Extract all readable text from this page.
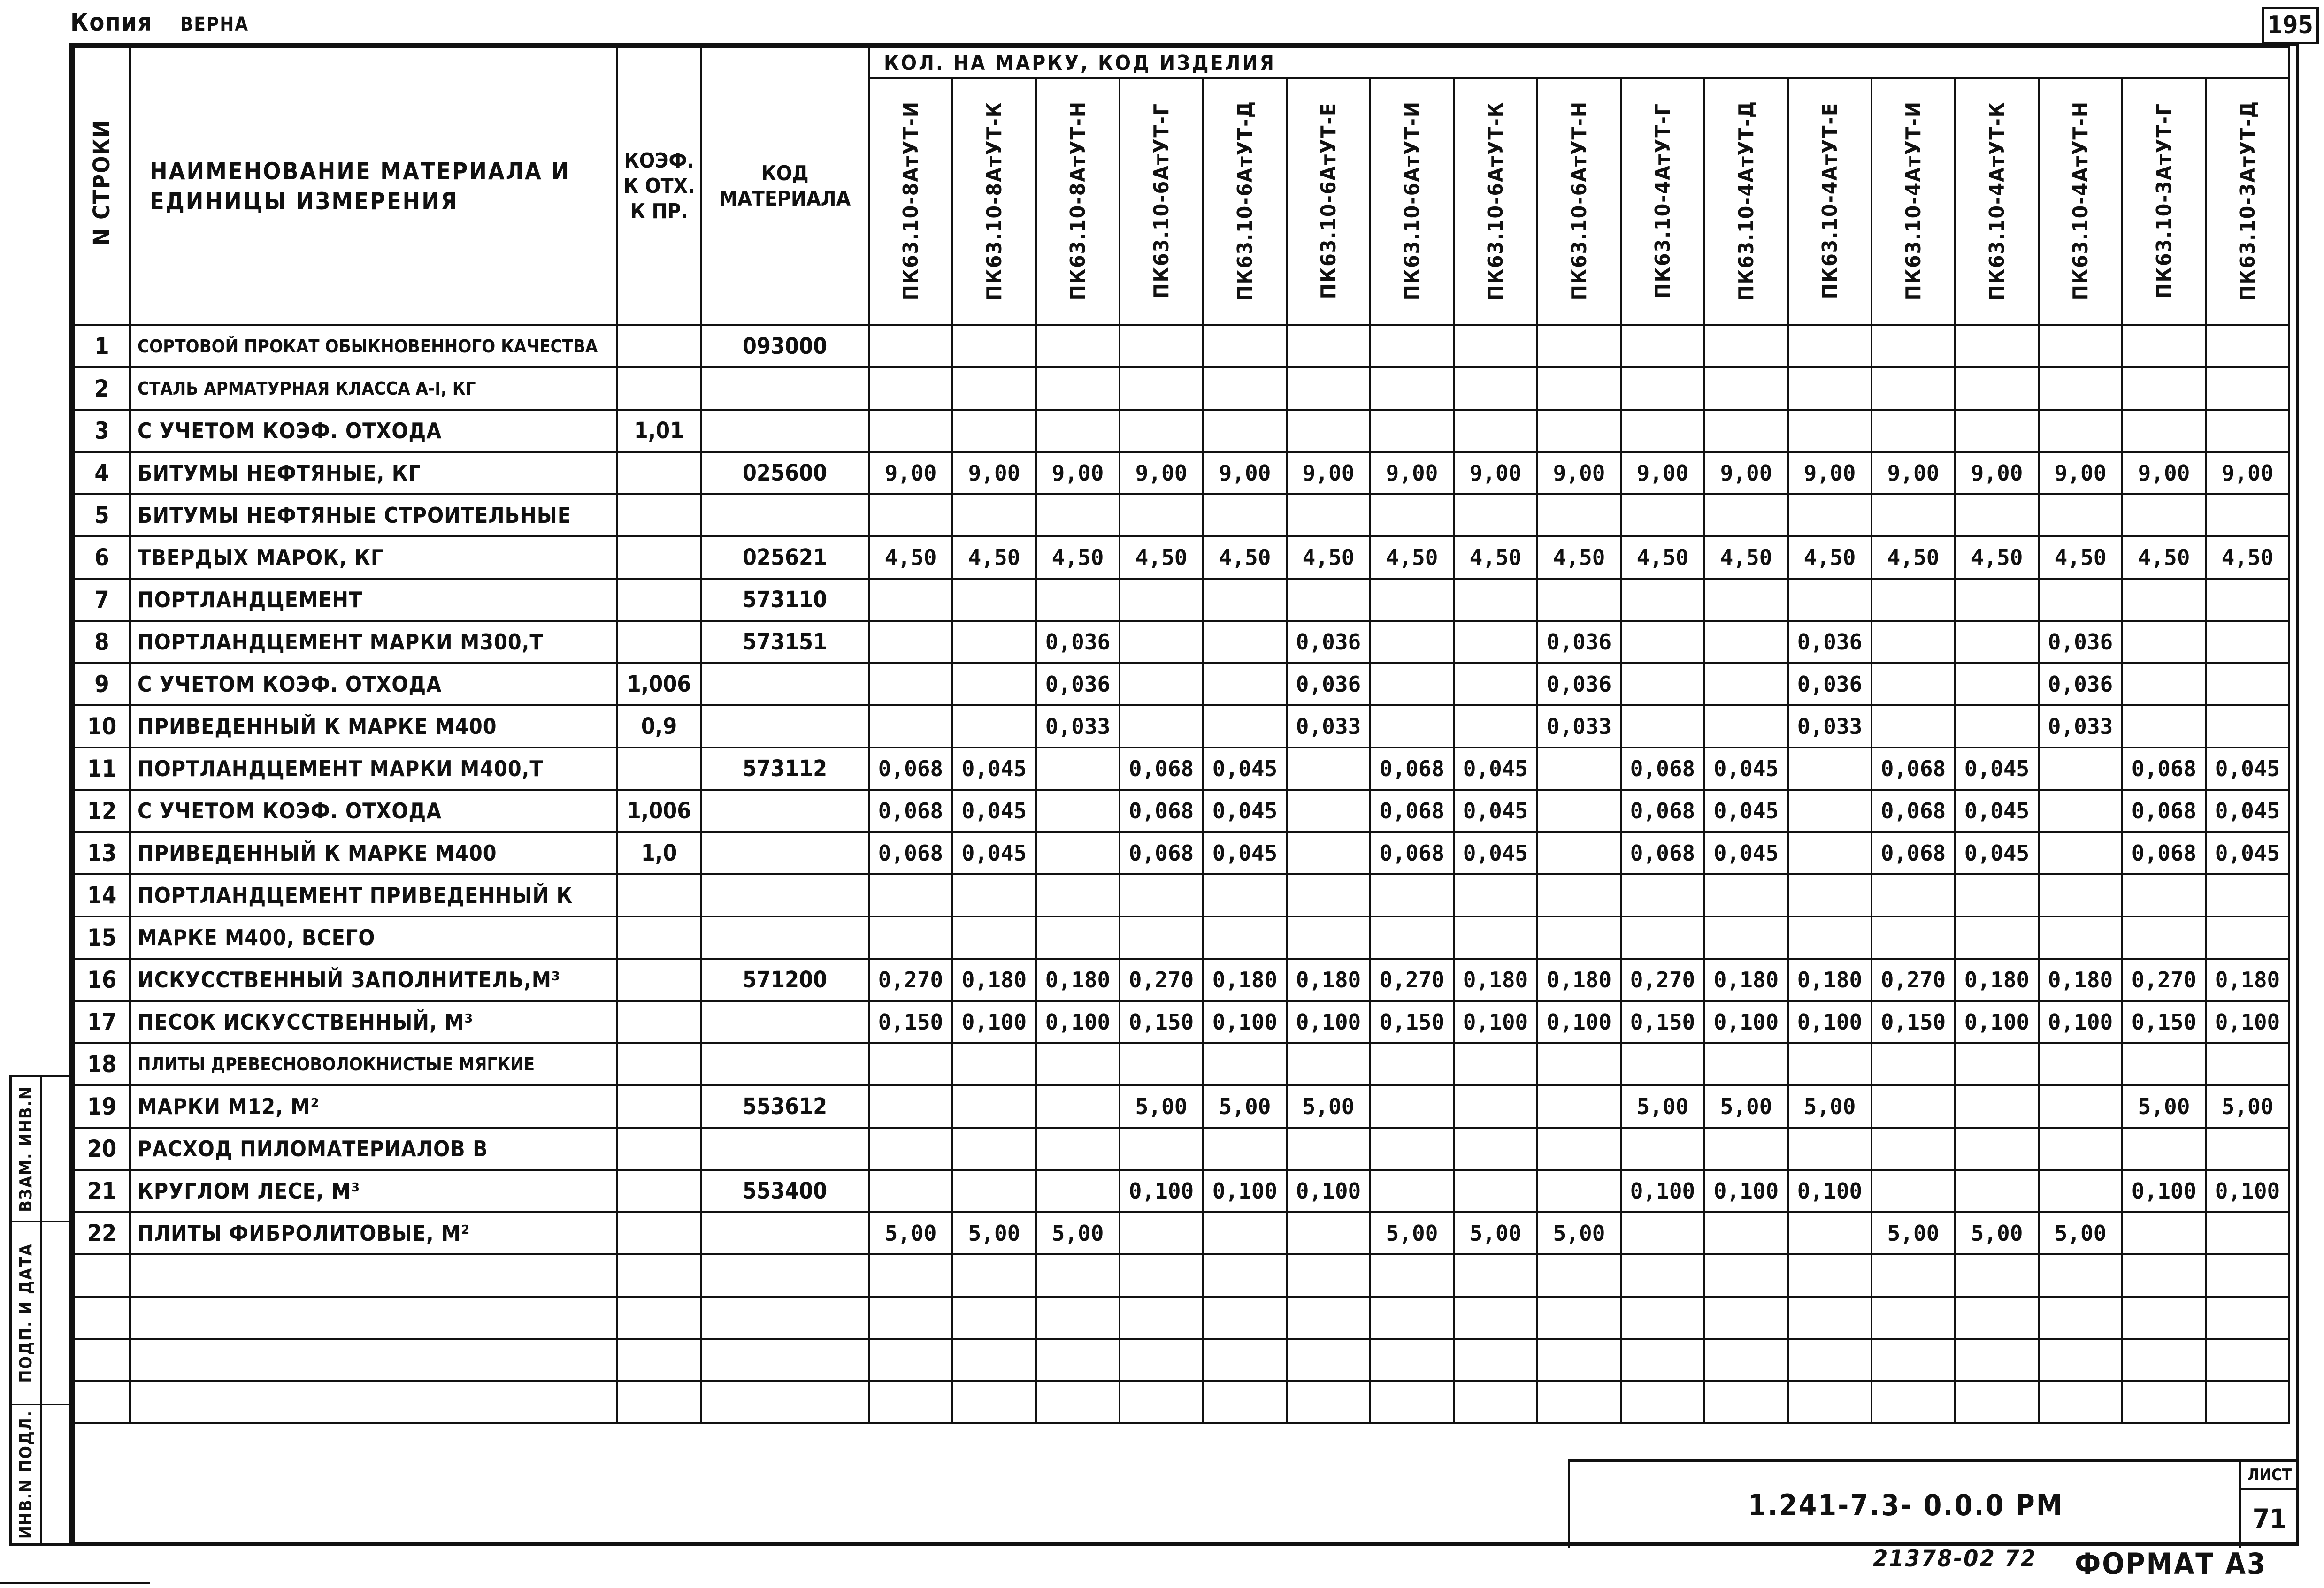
Копия ВЕРНА	195
N СТРОКИ	НАИМЕНОВАНИЕ МАТЕРИАЛА И ЕДИНИЦЫ ИЗМЕРЕНИЯ	КОЭФ. К ОТХ. К ПР.	КОД МАТЕРИАЛА	КОЛ. НА МАРКУ, КОД ИЗДЕЛИЯ																
				ПК63.10-8АтУТ-И	ПК63.10-8АтУТ-К	ПК63.10-8АтУТ-Н	ПК63.10-6АтУТ-Г	ПК63.10-6АтУТ-Д	ПК63.10-6АтУТ-Е	ПК63.10-6АтУТ-И	ПК63.10-6АтУТ-К	ПК63.10-6АтУТ-Н	ПК63.10-4АтУТ-Г	ПК63.10-4АтУТ-Д	ПК63.10-4АтУТ-Е	ПК63.10-4АтУТ-И	ПК63.10-4АтУТ-К	ПК63.10-4АтУТ-Н	ПК63.10-3АтУТ-Г	ПК63.10-3АтУТ-Д
1	СОРТОВОЙ ПРОКАТ ОБЫКНОВЕННОГО КАЧЕСТВА		093000																	
2	СТАЛЬ АРМАТУРНАЯ КЛАССА А-I, КГ																			
3	С УЧЕТОМ КОЭФ. ОТХОДА	1,01																		
4	БИТУМЫ НЕФТЯНЫЕ, КГ		025600	9,00	9,00	9,00	9,00	9,00	9,00	9,00	9,00	9,00	9,00	9,00	9,00	9,00	9,00	9,00	9,00	9,00
5	БИТУМЫ НЕФТЯНЫЕ СТРОИТЕЛЬНЫЕ																			
6	ТВЕРДЫХ МАРОК, КГ		025621	4,50	4,50	4,50	4,50	4,50	4,50	4,50	4,50	4,50	4,50	4,50	4,50	4,50	4,50	4,50	4,50	4,50
7	ПОРТЛАНДЦЕМЕНТ		573110																	
8	ПОРТЛАНДЦЕМЕНТ МАРКИ М300,Т		573151			0,036			0,036			0,036			0,036			0,036		
9	С УЧЕТОМ КОЭФ. ОТХОДА	1,006				0,036			0,036			0,036			0,036			0,036		
10	ПРИВЕДЕННЫЙ К МАРКЕ М400	0,9				0,033			0,033			0,033			0,033			0,033		
11	ПОРТЛАНДЦЕМЕНТ МАРКИ М400,Т		573112	0,068	0,045		0,068	0,045		0,068	0,045		0,068	0,045		0,068	0,045		0,068	0,045
12	С УЧЕТОМ КОЭФ. ОТХОДА	1,006		0,068	0,045		0,068	0,045		0,068	0,045		0,068	0,045		0,068	0,045		0,068	0,045
13	ПРИВЕДЕННЫЙ К МАРКЕ М400	1,0		0,068	0,045		0,068	0,045		0,068	0,045		0,068	0,045		0,068	0,045		0,068	0,045
14	ПОРТЛАНДЦЕМЕНТ ПРИВЕДЕННЫЙ К																			
15	МАРКЕ М400, ВСЕГО																			
16	ИСКУССТВЕННЫЙ ЗАПОЛНИТЕЛЬ,М³		571200	0,270	0,180	0,180	0,270	0,180	0,180	0,270	0,180	0,180	0,270	0,180	0,180	0,270	0,180	0,180	0,270	0,180
17	ПЕСОК ИСКУССТВЕННЫЙ, М³			0,150	0,100	0,100	0,150	0,100	0,100	0,150	0,100	0,100	0,150	0,100	0,100	0,150	0,100	0,100	0,150	0,100
18	ПЛИТЫ ДРЕВЕСНОВОЛОКНИСТЫЕ МЯГКИЕ																			
19	МАРКИ М12, М²		553612				5,00	5,00	5,00				5,00	5,00	5,00				5,00	5,00
20	РАСХОД ПИЛОМАТЕРИАЛОВ В																			
21	КРУГЛОМ ЛЕСЕ, М³		553400				0,100	0,100	0,100				0,100	0,100	0,100				0,100	0,100
22	ПЛИТЫ ФИБРОЛИТОВЫЕ, М²			5,00	5,00	5,00				5,00	5,00	5,00				5,00	5,00	5,00		

1.241-7.3- 0.0.0 РМ
ЛИСТ
71
ВЗАМ. ИНВ.N
ПОДП. И ДАТА
ИНВ.N ПОДЛ.
21378-02 72 ФОРМАТ А3
